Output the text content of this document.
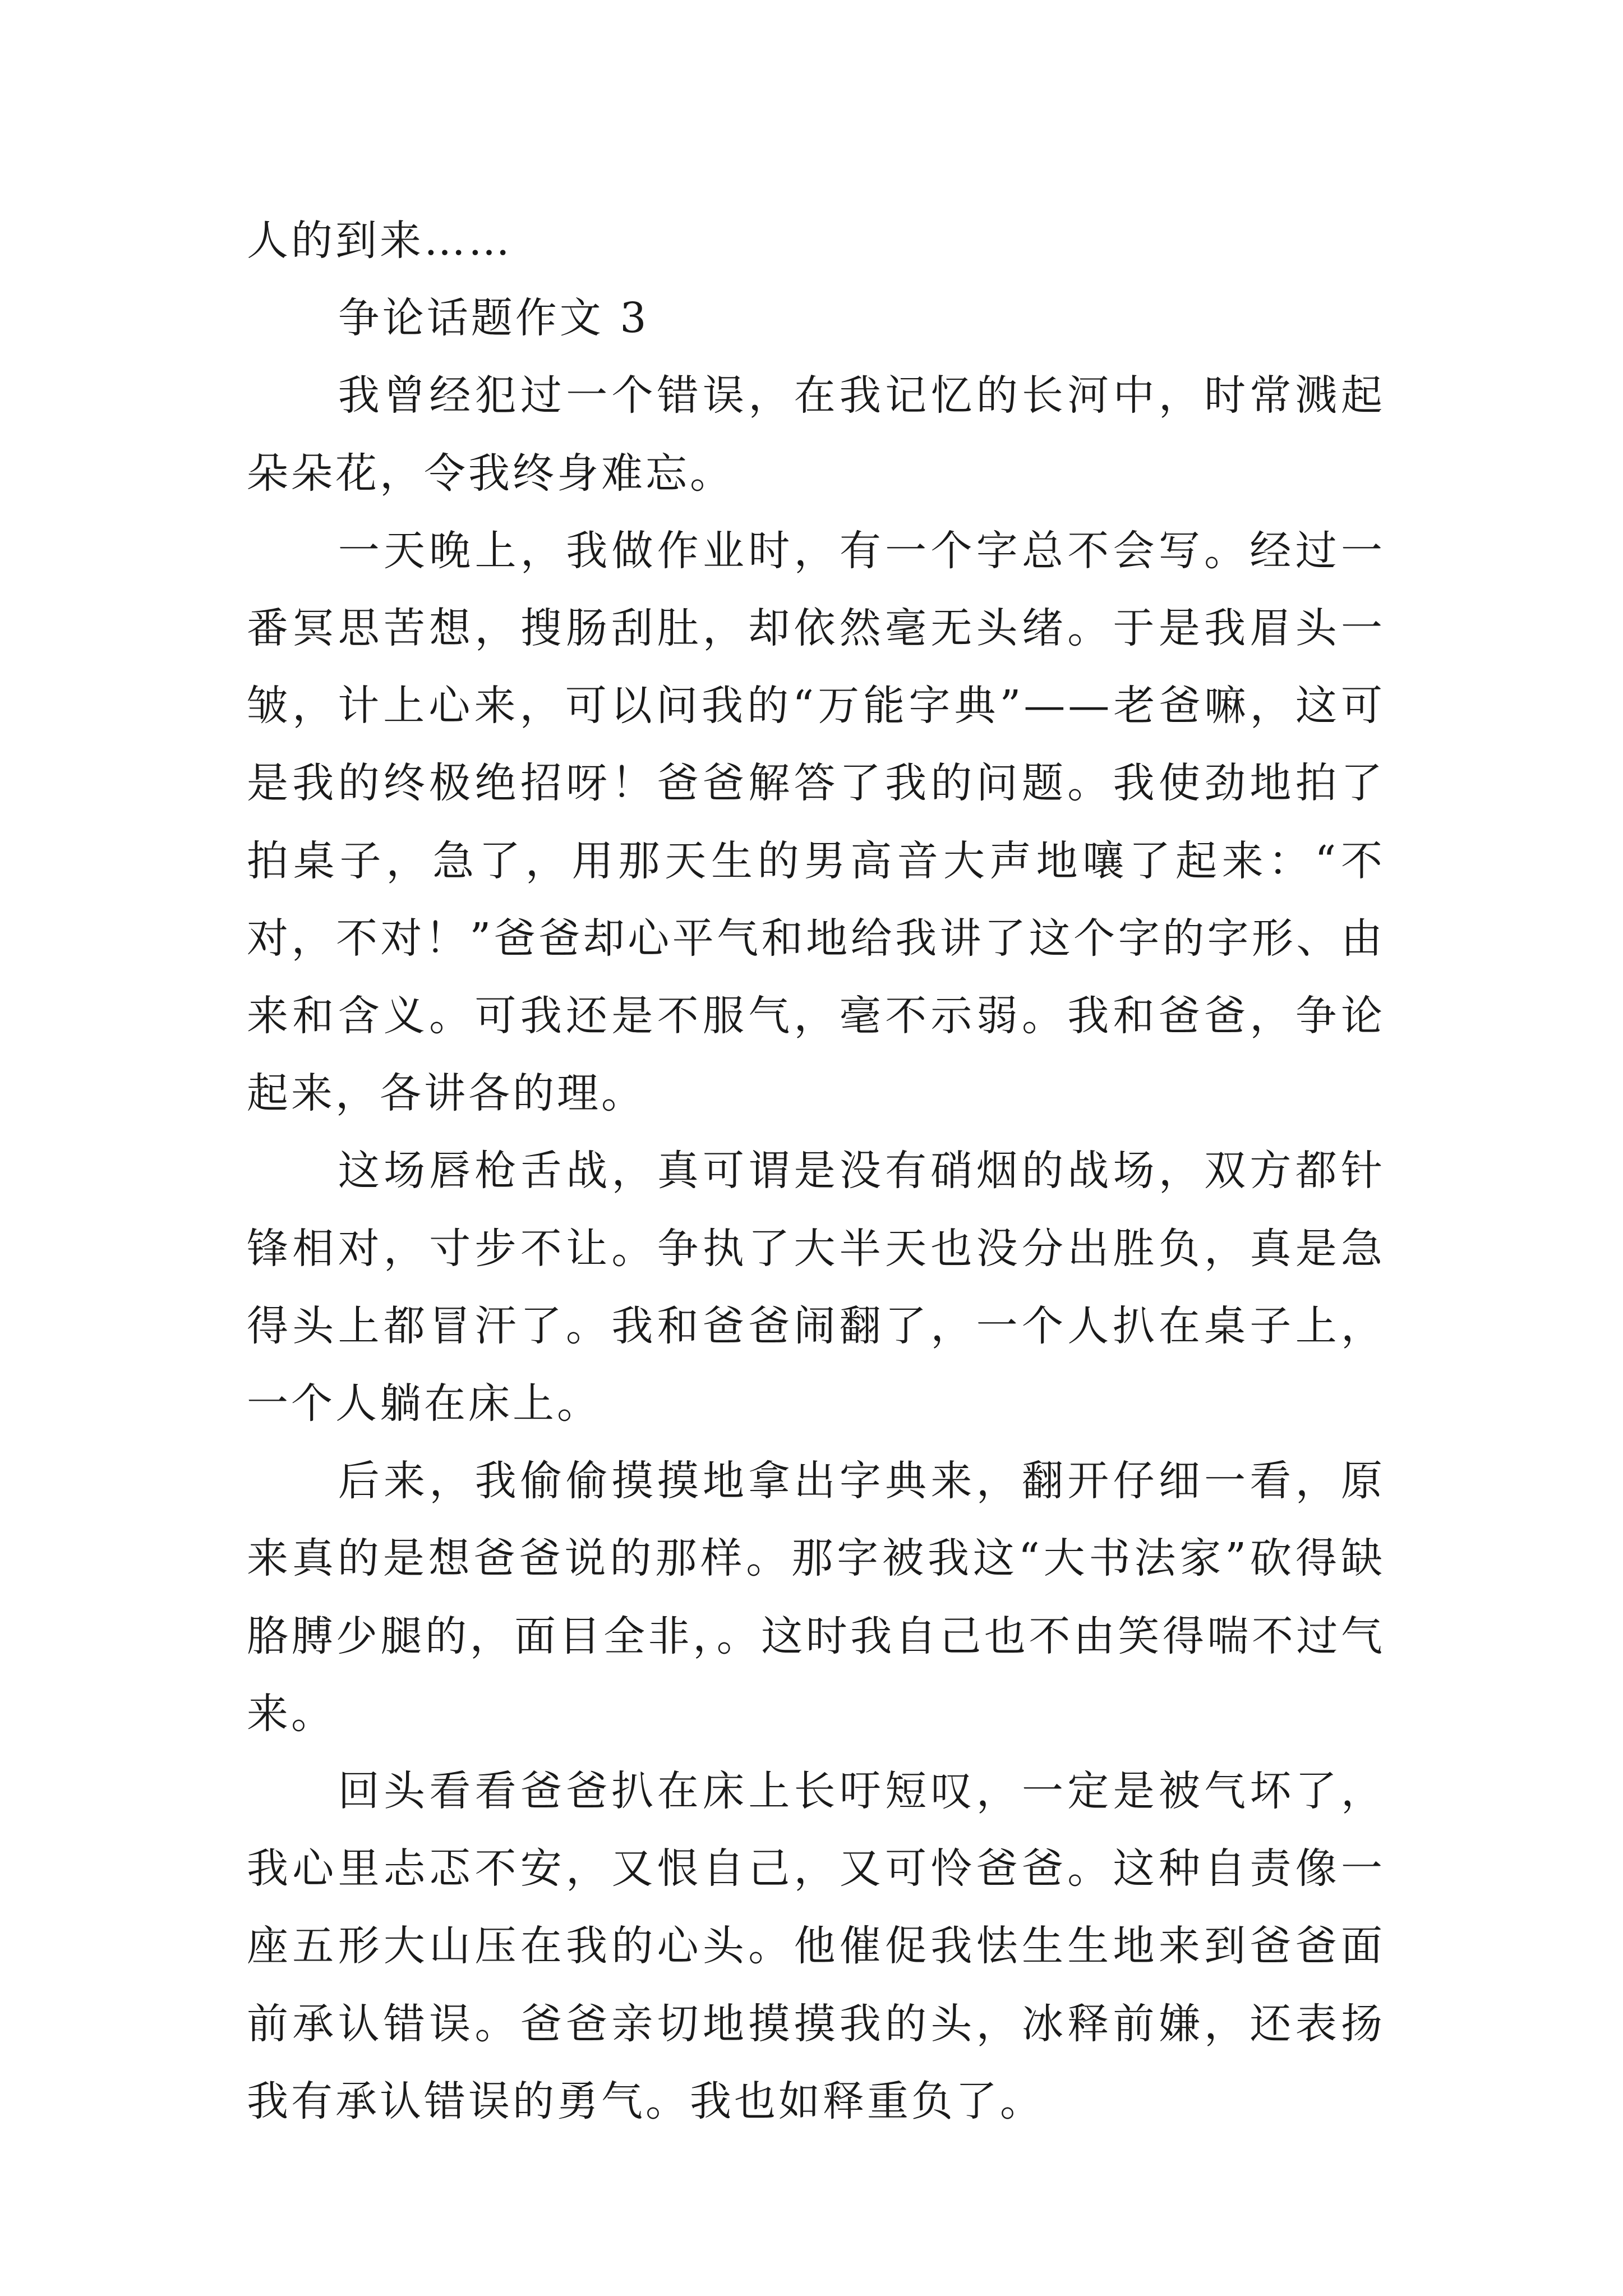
人的到来……

争论话题作文 3

我曾经犯过一个错误，在我记忆的长河中，时常溅起朵朵花，令我终身难忘。

一天晚上，我做作业时，有一个字总不会写。经过一番冥思苦想，搜肠刮肚，却依然毫无头绪。于是我眉头一皱，计上心来，可以问我的“万能字典”——老爸嘛，这可是我的终极绝招呀！爸爸解答了我的问题。我使劲地拍了拍桌子，急了，用那天生的男高音大声地嚷了起来：“不对，不对！”爸爸却心平气和地给我讲了这个字的字形、由来和含义。可我还是不服气，毫不示弱。我和爸爸，争论起来，各讲各的理。

这场唇枪舌战，真可谓是没有硝烟的战场，双方都针锋相对，寸步不让。争执了大半天也没分出胜负，真是急得头上都冒汗了。我和爸爸闹翻了，一个人扒在桌子上，一个人躺在床上。

后来，我偷偷摸摸地拿出字典来，翻开仔细一看，原来真的是想爸爸说的那样。那字被我这“大书法家”砍得缺胳膊少腿的，面目全非，。这时我自己也不由笑得喘不过气来。

回头看看爸爸扒在床上长吁短叹，一定是被气坏了，我心里忐忑不安，又恨自己，又可怜爸爸。这种自责像一座五形大山压在我的心头。他催促我怯生生地来到爸爸面前承认错误。爸爸亲切地摸摸我的头，冰释前嫌，还表扬我有承认错误的勇气。我也如释重负了。
